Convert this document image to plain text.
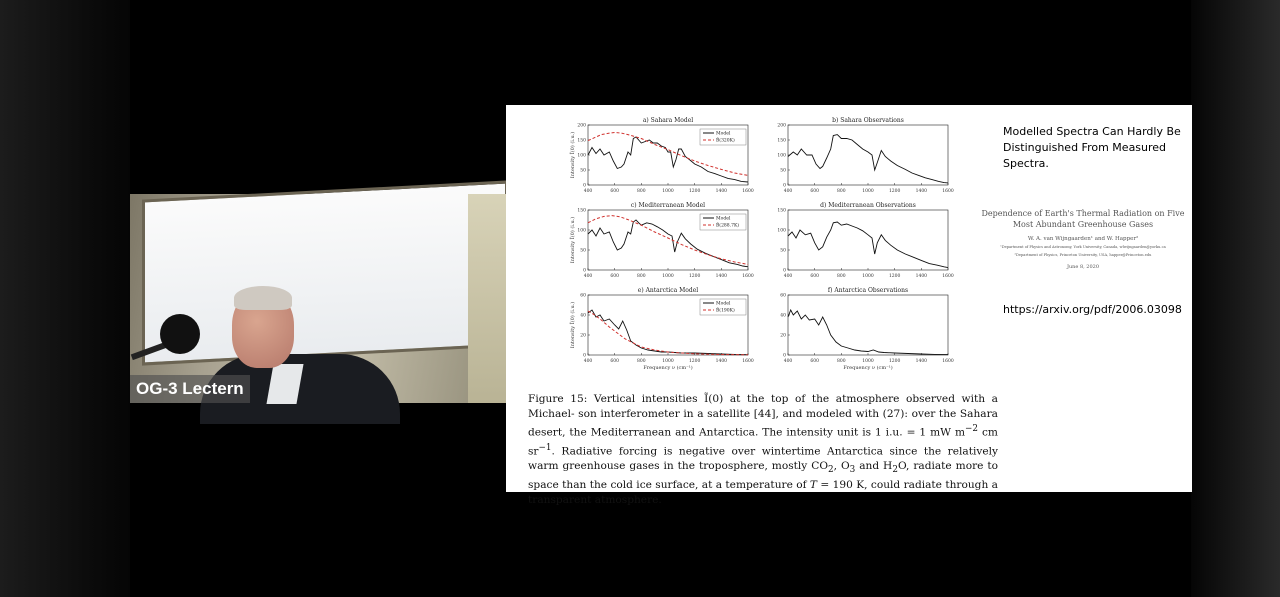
OG-3 Lectern
a) Sahara Model
400	600	800	1000	1200	1400	1600
0
50
100
150
200
Intensity Ĩ(0) (i.u.)	Model
B̃(320K)
b) Sahara Observations
400	600	800	1000	1200	1400	1600
0
50
100
150
200
c) Mediterranean Model
400	600	800	1000	1200	1400	1600
0
50
100
150
Intensity Ĩ(0) (i.u.)	Model
B̃(288.7K)
d) Mediterranean Observations
400	600	800	1000	1200	1400	1600
0
50
100
150
e) Antarctica Model
400	600	800	1000	1200	1400	1600
0
20
40
60
Intensity Ĩ(0) (i.u.)
Frequency ν (cm⁻¹)
Model
B̃(190K)
f) Antarctica Observations
400	600	800	1000	1200	1400	1600
0
20
40
60
Frequency ν (cm⁻¹)
Modelled Spectra Can Hardly Be Distinguished From Measured Spectra.
Dependence of Earth's Thermal Radiation on Five Most Abundant Greenhouse Gases
W. A. van Wijngaarden¹ and W. Happer²
¹Department of Physics and Astronomy, York University, Canada, wlwijngaarden@yorku.ca
²Department of Physics, Princeton University, USA, happer@Princeton.edu
June 8, 2020
https://arxiv.org/pdf/2006.03098
Figure 15: Vertical intensities Ĩ(0) at the top of the atmosphere observed with a Michael- son interferometer in a satellite [44], and modeled with (27): over the Sahara desert, the Mediterranean and Antarctica. The intensity unit is 1 i.u. = 1 mW $m^{-2}$ cm $sr^{-1}$. Radiative forcing is negative over wintertime Antarctica since the relatively warm greenhouse gases in the troposphere, mostly $CO_2$, $O_3$ and $H_2O$, radiate more to space than the cold ice surface, at a temperature of T = 190 K, could radiate through a transparent atmosphere.
